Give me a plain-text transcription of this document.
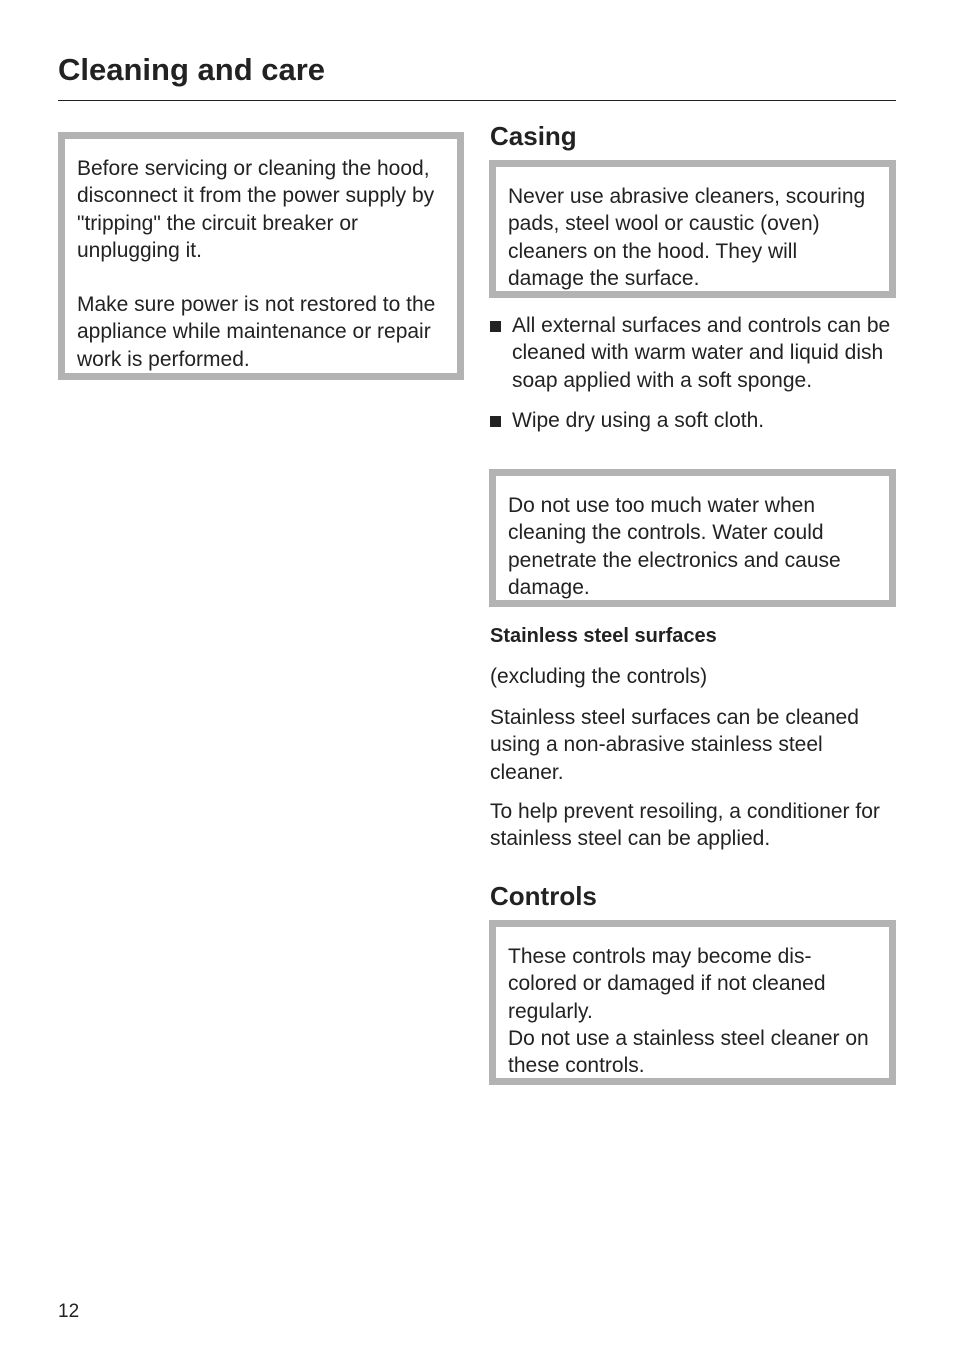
Cleaning and care

Before servicing or cleaning the hood, disconnect it from the power supply by "tripping" the circuit breaker or unplugging it.

Make sure power is not restored to the appliance while maintenance or repair work is performed.

Casing

Never use abrasive cleaners, scouring pads, steel wool or caustic (oven) cleaners on the hood. They will damage the surface.

All external surfaces and controls can be cleaned with warm water and liquid dish soap applied with a soft sponge.
Wipe dry using a soft cloth.

Do not use too much water when cleaning the controls. Water could penetrate the electronics and cause damage.

Stainless steel surfaces

(excluding the controls)

Stainless steel surfaces can be cleaned using a non-abrasive stainless steel cleaner.

To help prevent resoiling, a conditioner for stainless steel can be applied.

Controls

These controls may become dis- colored or damaged if not cleaned regularly.

Do not use a stainless steel cleaner on these controls.

12
